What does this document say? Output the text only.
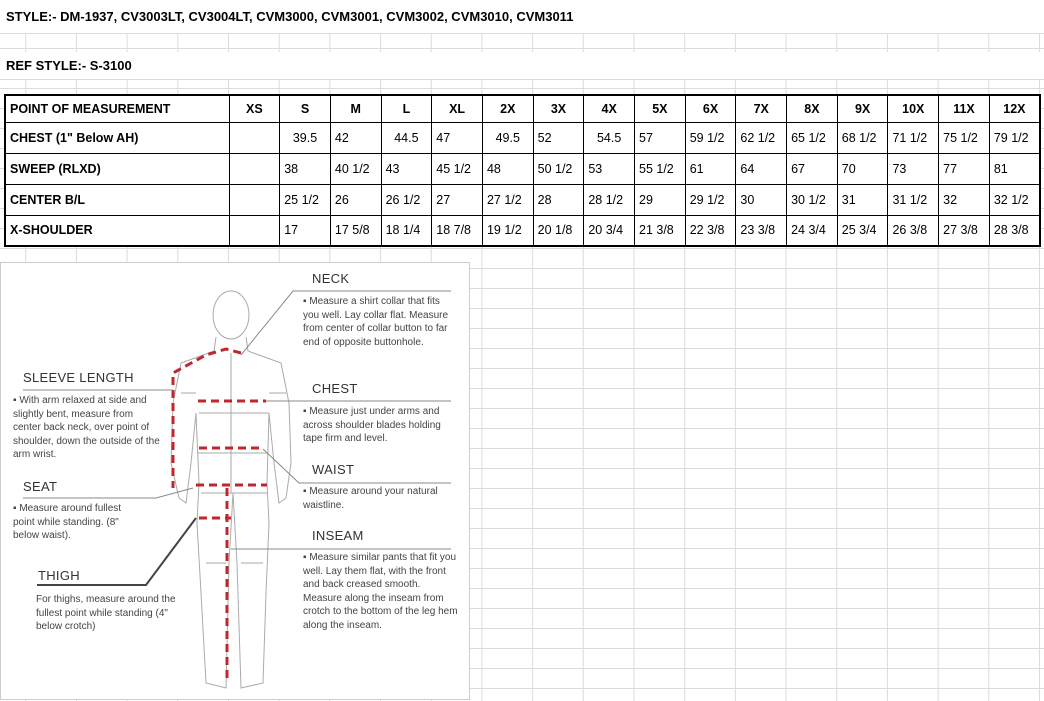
STYLE:- DM-1937, CV3003LT, CV3004LT, CVM3000, CVM3001, CVM3002, CVM3010, CVM3011
REF STYLE:- S-3100
POINT OF MEASUREMENT	XS	S	M	L	XL	2X	3X	4X	5X	6X	7X	8X	9X	10X	11X	12X
CHEST (1" Below AH)		39.5	42	44.5	47	49.5	52	54.5	57	59 1/2	62 1/2	65 1/2	68 1/2	71 1/2	75 1/2	79 1/2
SWEEP (RLXD)		38	40 1/2	43	45 1/2	48	50 1/2	53	55 1/2	61	64	67	70	73	77	81
CENTER B/L		25 1/2	26	26 1/2	27	27 1/2	28	28 1/2	29	29 1/2	30	30 1/2	31	31 1/2	32	32 1/2
X-SHOULDER		17	17 5/8	18 1/4	18 7/8	19 1/2	20 1/8	20 3/4	21 3/8	22 3/8	23 3/8	24 3/4	25 3/4	26 3/8	27 3/8	28 3/8
NECK
▪ Measure a shirt collar that fits you well. Lay collar flat. Measure from center of collar button to far end of opposite buttonhole.
CHEST
▪ Measure just under arms and across shoulder blades holding tape firm and level.
WAIST
▪ Measure around your natural waistline.
INSEAM
▪ Measure similar pants that fit you well. Lay them flat, with the front and back creased smooth. Measure along the inseam from crotch to the bottom of the leg hem along the inseam.
SLEEVE LENGTH
▪ With arm relaxed at side and slightly bent, measure from center back neck, over point of shoulder, down the outside of the arm wrist.
SEAT
▪ Measure around fullest point while standing. (8" below waist).
THIGH
For thighs, measure around the fullest point while standing (4" below crotch)
